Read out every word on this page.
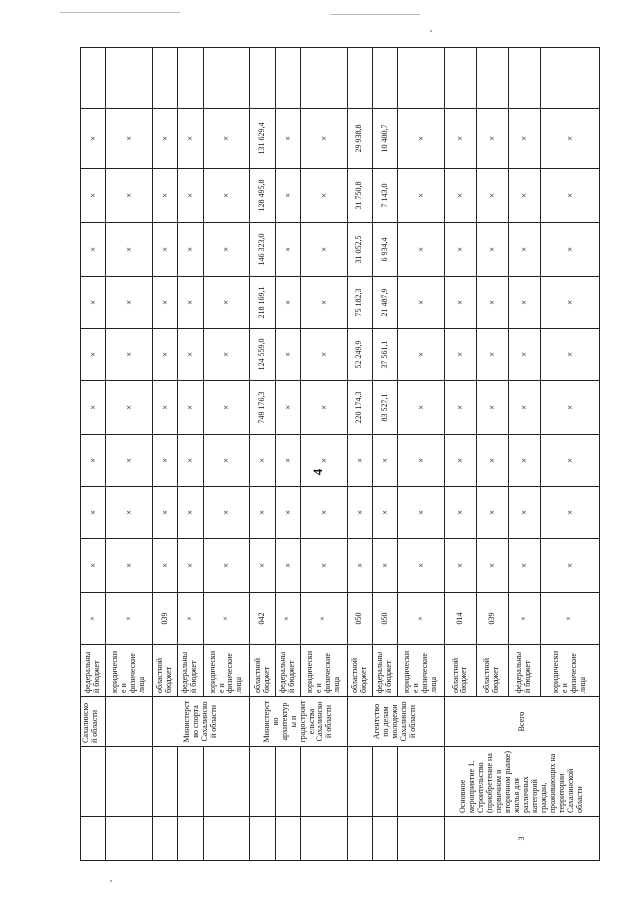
4
		Сахалинской области	федеральный бюджет	×	×	×	×	×	×	×	×	×	×	
			юридические и физические лица	×	×	×	×	×	×	×	×	×	×	
		Министерство спорта Сахалинской области	областной бюджет	039	×	×	×	×	×	×	×	×	×	
			федеральный бюджет	×	×	×	×	×	×	×	×	×	×	
			юридические и физические лица	×	×	×	×	×	×	×	×	×	×	
		Министерство архитектуры и градостроительства Сахалинской области	областной бюджет	042	×	×	×	749 176,3	124 559,0	218 169,1	146 323,0	128 495,8	131 629,4	
			федеральный бюджет	×	×	×	×	×	×	×	×	×	×	
			юридические и физические лица	×	×	×	×	×	×	×	×	×	×	
		Агентство по делам молодежи Сахалинской области	областной бюджет	050	×	×	×	220 174,3	52 249,9	75 182,3	31 052,5	31 750,8	29 938,8	
			федеральный бюджет	050	×	×	×	83 527,1	37 561,1	21 487,9	6 934,4	7 143,0	10 400,7	
			юридические и физические лица	×	×	×	×	×	×	×	×	×	×	
3	Основное мероприятие 1. Строительство (приобретение на первичном и вторичном рынке) жилья для различных категорий граждан, проживающих на территории Сахалинской области	Всего	областной бюджет	014	×	×	×	×	×	×	×	×	×	
			областной бюджет	039	×	×	×	×	×	×	×	×	×	
			федеральный бюджет	×	×	×	×	×	×	×	×	×	×	
			юридические и физические лица	×	×	×	×	×	×	×	×	×	×	
